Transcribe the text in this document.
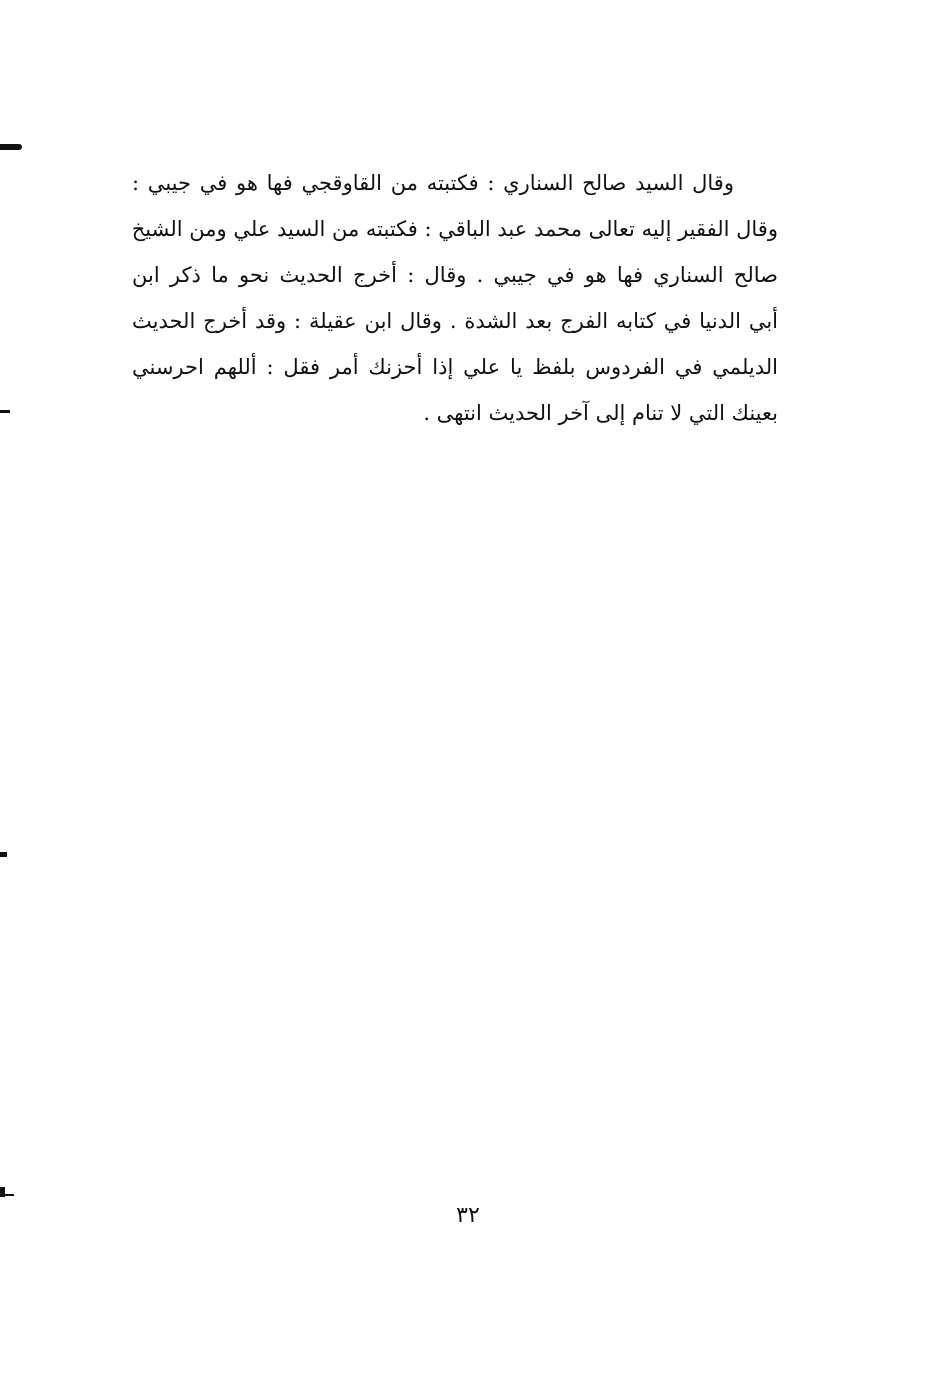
وقال السيد صالح السناري : فكتبته من القاوقجي فها هو في جيبي :
وقال الفقير إليه تعالى محمد عبد الباقي : فكتبته من السيد علي ومن الشيخ
صالح السناري فها هو في جيبي . وقال : أخرج الحديث نحو ما ذكر ابن
أبي الدنيا في كتابه الفرج بعد الشدة . وقال ابن عقيلة : وقد أخرج الحديث
الديلمي في الفردوس بلفظ يا علي إذا أحزنك أمر فقل : أللهم احرسني
بعينك التي لا تنام إلى آخر الحديث انتهى .
٣٢
